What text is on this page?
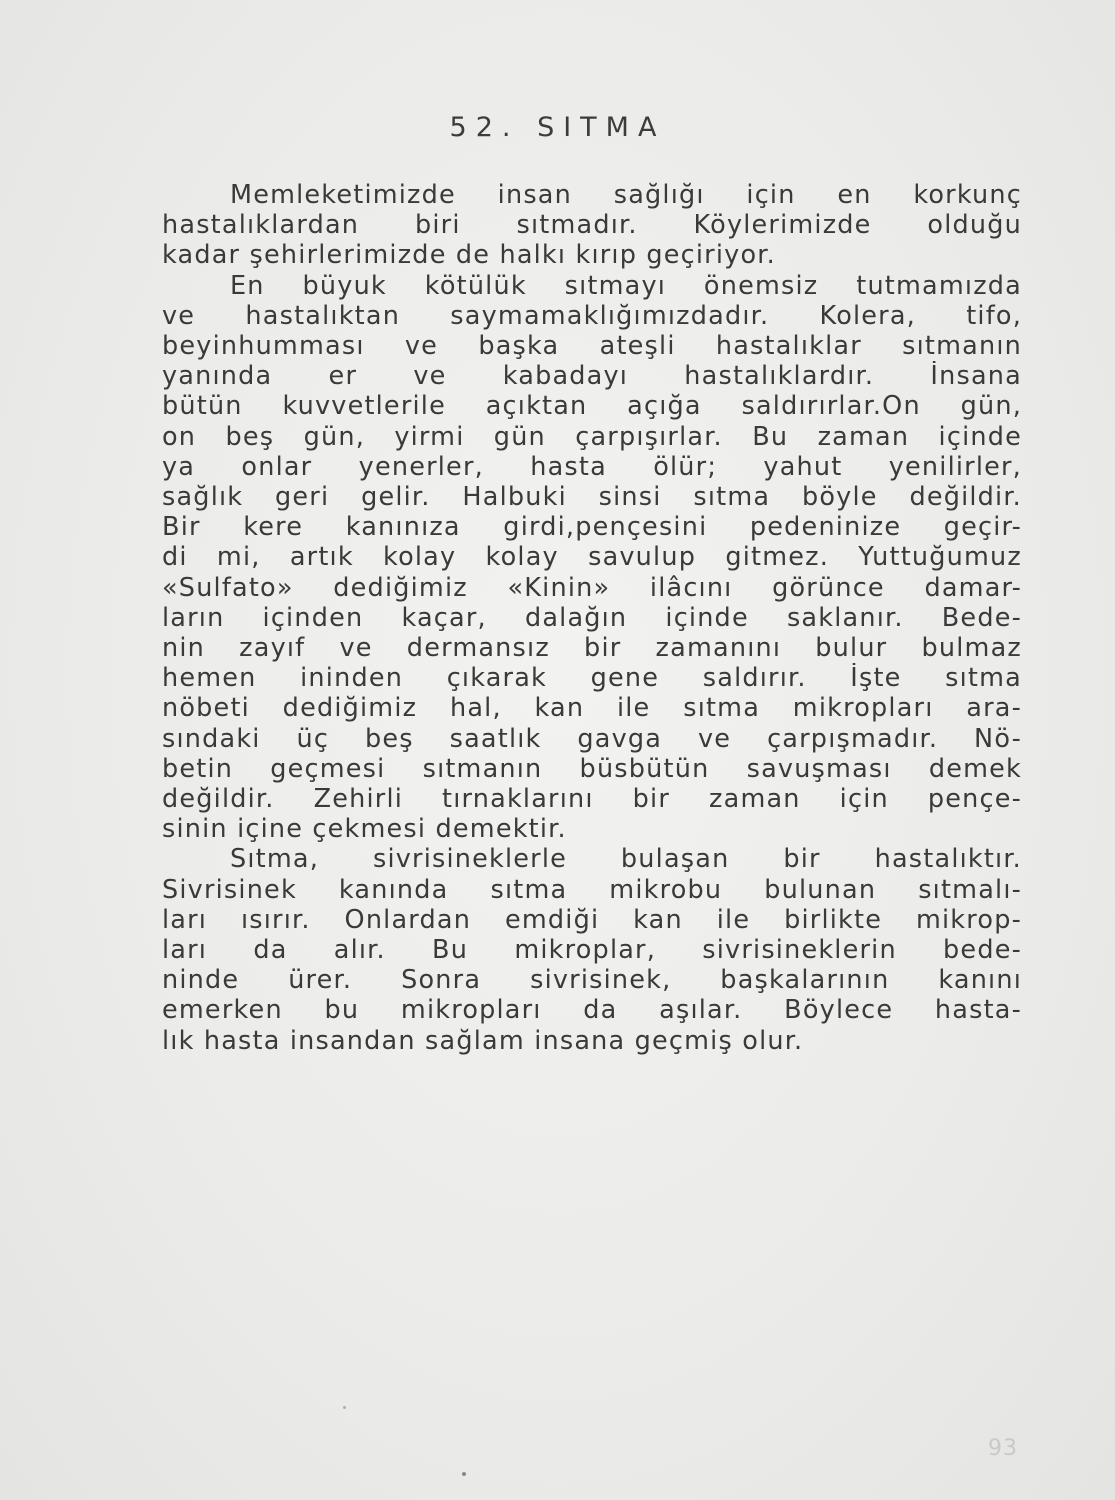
52. SITMA
Memleketimizde insan sağlığı için en korkunç
hastalıklardan biri sıtmadır. Köylerimizde olduğu
kadar şehirlerimizde de halkı kırıp geçiriyor.
En büyuk kötülük sıtmayı önemsiz tutmamızda
ve hastalıktan saymamaklığımızdadır. Kolera, tifo,
beyinhumması ve başka ateşli hastalıklar sıtmanın
yanında er ve kabadayı hastalıklardır. İnsana
bütün kuvvetlerile açıktan açığa saldırırlar.On gün,
on beş gün, yirmi gün çarpışırlar. Bu zaman içinde
ya onlar yenerler, hasta ölür; yahut yenilirler,
sağlık geri gelir. Halbuki sinsi sıtma böyle değildir.
Bir kere kanınıza girdi,pençesini pedeninize geçir-
di mi, artık kolay kolay savulup gitmez. Yuttuğumuz
«Sulfato» dediğimiz «Kinin» ilâcını görünce damar-
ların içinden kaçar, dalağın içinde saklanır. Bede-
nin zayıf ve dermansız bir zamanını bulur bulmaz
hemen ininden çıkarak gene saldırır. İşte sıtma
nöbeti dediğimiz hal, kan ile sıtma mikropları ara-
sındaki üç beş saatlık gavga ve çarpışmadır. Nö-
betin geçmesi sıtmanın büsbütün savuşması demek
değildir. Zehirli tırnaklarını bir zaman için pençe-
sinin içine çekmesi demektir.
Sıtma, sivrisineklerle bulaşan bir hastalıktır.
Sivrisinek kanında sıtma mikrobu bulunan sıtmalı-
ları ısırır. Onlardan emdiği kan ile birlikte mikrop-
ları da alır. Bu mikroplar, sivrisineklerin bede-
ninde ürer. Sonra sivrisinek, başkalarının kanını
emerken bu mikropları da aşılar. Böylece hasta-
lık hasta insandan sağlam insana geçmiş olur.
93
